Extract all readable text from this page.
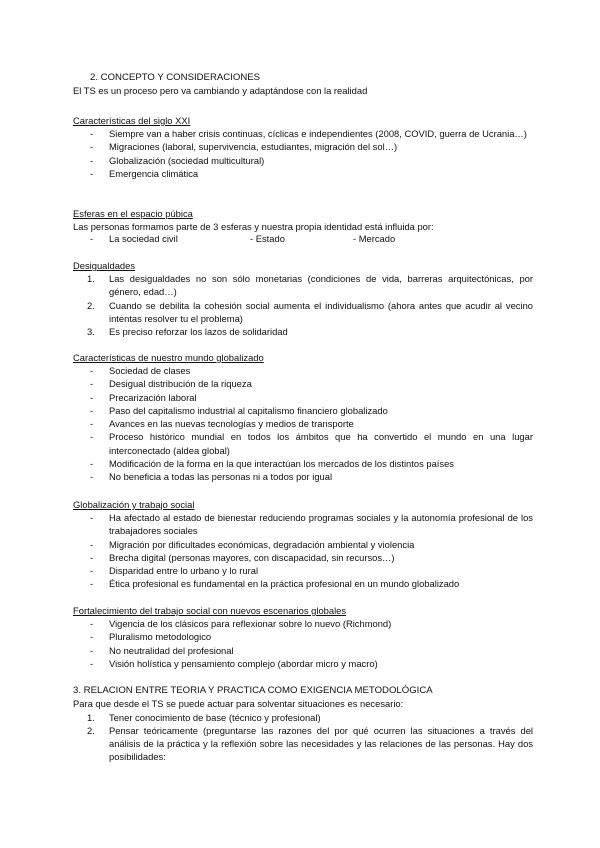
2. CONCEPTO Y CONSIDERACIONES
El TS es un proceso pero va cambiando y adaptándose con la realidad
Características del siglo XXI
- Siempre van a haber crisis continuas, cíclicas e independientes (2008, COVID, guerra de Ucrania…)
- Migraciones (laboral, supervivencia, estudiantes, migración del sol…)
- Globalización (sociedad multicultural)
- Emergencia climática
Esferas en el espacio púbica
Las personas formamos parte de 3 esferas y nuestra propia identidad está influida por:
- La sociedad civil	- Estado	- Mercado
Desigualdades
1. Las desigualdades no son sólo monetarias (condiciones de vida, barreras arquitectónicas, por género, edad…)
2. Cuando se debilita la cohesión social aumenta el individualismo (ahora antes que acudir al vecino intentas resolver tu el problema)
3. Es preciso reforzar los lazos de solidaridad
Características de nuestro mundo globalizado
- Sociedad de clases
- Desigual distribución de la riqueza
- Precarización laboral
- Paso del capitalismo industrial al capitalismo financiero globalizado
- Avances en las nuevas tecnologías y medios de transporte
- Proceso histórico mundial en todos los ámbitos que ha convertido el mundo en una lugar interconectado (aldea global)
- Modificación de la forma en la que interactúan los mercados de los distintos países
- No beneficia a todas las personas ni a todos por igual
Globalización y trabajo social
- Ha afectado al estado de bienestar reduciendo programas sociales y la autonomía profesional de los trabajadores sociales
- Migración por dificultades económicas, degradación ambiental y violencia
- Brecha digital (personas mayores, con discapacidad, sin recursos…)
- Disparidad entre lo urbano y lo rural
- Ética profesional es fundamental en la práctica profesional en un mundo globalizado
Fortalecimiento del trabajo social con nuevos escenarios globales
- Vigencia de los clásicos para reflexionar sobre lo nuevo (Richmond)
- Pluralismo metodologico
- No neutralidad del profesional
- Visión holística y pensamiento complejo (abordar micro y macro)
3. RELACION ENTRE TEORIA Y PRACTICA COMO EXIGENCIA METODOLÓGICA
Para que desde el TS se puede actuar para solventar situaciones es necesario:
1. Tener conocimiento de base (técnico y profesional)
2. Pensar teóricamente (preguntarse las razones del por qué ocurren las situaciones a través del análisis de la práctica y la reflexión sobre las necesidades y las relaciones de las personas. Hay dos posibilidades:
